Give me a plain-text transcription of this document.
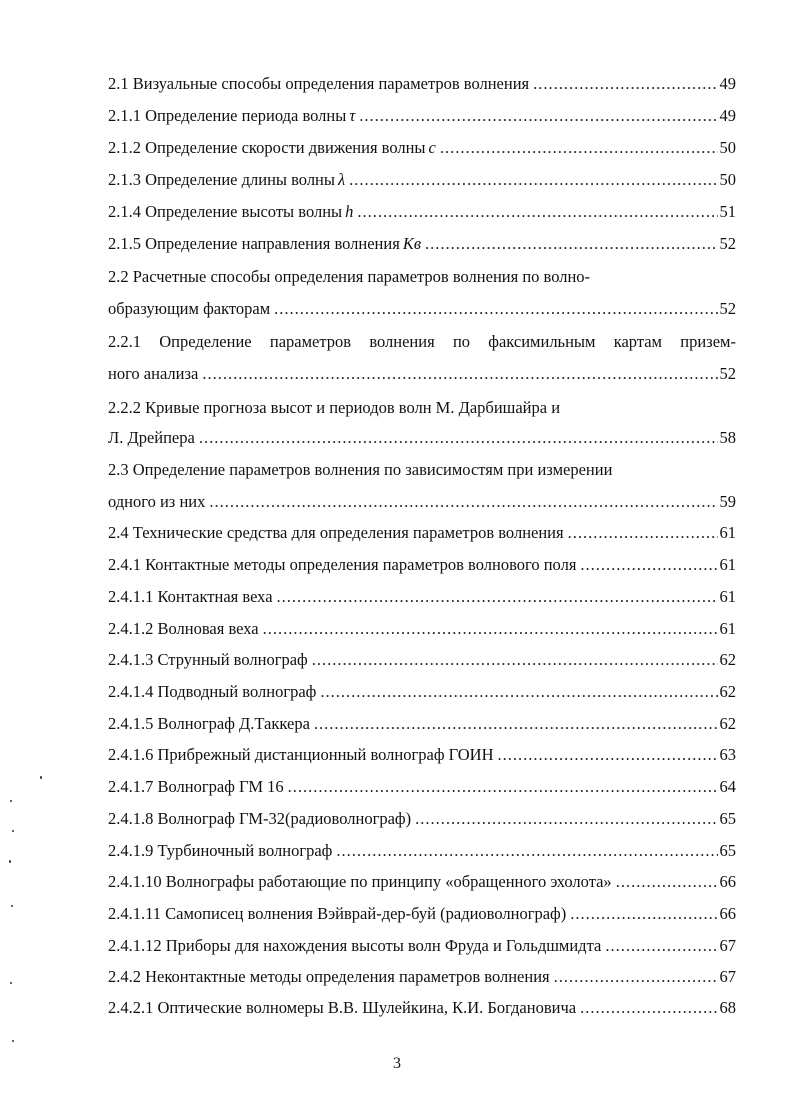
2.1 Визуальные способы определения параметров волнения .....	49
2.1.1 Определение периода волны τ .....	49
2.1.2 Определение скорости движения волны c .....	50
2.1.3 Определение длины волны λ .....	50
2.1.4 Определение высоты волны h .....	51
2.1.5 Определение направления волнения Kв .....	52
2.2 Расчетные способы определения параметров волнения по волно-
образующим факторам .....	52
2.2.1 Определение параметров волнения по факсимильным картам призем-
ного анализа .....	52
2.2.2 Кривые прогноза высот и периодов волн М. Дарбишайра и
Л. Дрейпера .....	58
2.3 Определение параметров волнения по зависимостям при измерении
одного из них .....	59
2.4 Технические средства для определения параметров волнения .....	61
2.4.1 Контактные методы определения параметров волнового поля .....	61
2.4.1.1 Контактная веха .....	61
2.4.1.2 Волновая веха .....	61
2.4.1.3 Струнный волнограф .....	62
2.4.1.4 Подводный волнограф .....	62
2.4.1.5 Волнограф Д.Таккера .....	62
2.4.1.6 Прибрежный дистанционный волнограф ГОИН .....	63
2.4.1.7 Волнограф ГМ 16 .....	64
2.4.1.8 Волнограф ГМ-32(радиоволнограф) .....	65
2.4.1.9 Турбиночный волнограф .....	65
2.4.1.10 Волнографы работающие по принципу «обращенного эхолота» .....	66
2.4.1.11 Самописец волнения Вэйврай-дер-буй (радиоволнограф) .....	66
2.4.1.12 Приборы для нахождения высоты волн Фруда и Гольдшмидта .....	67
2.4.2 Неконтактные методы определения параметров волнения .....	67
2.4.2.1 Оптические волномеры В.В. Шулейкина, К.И. Богдановича .....	68
3
